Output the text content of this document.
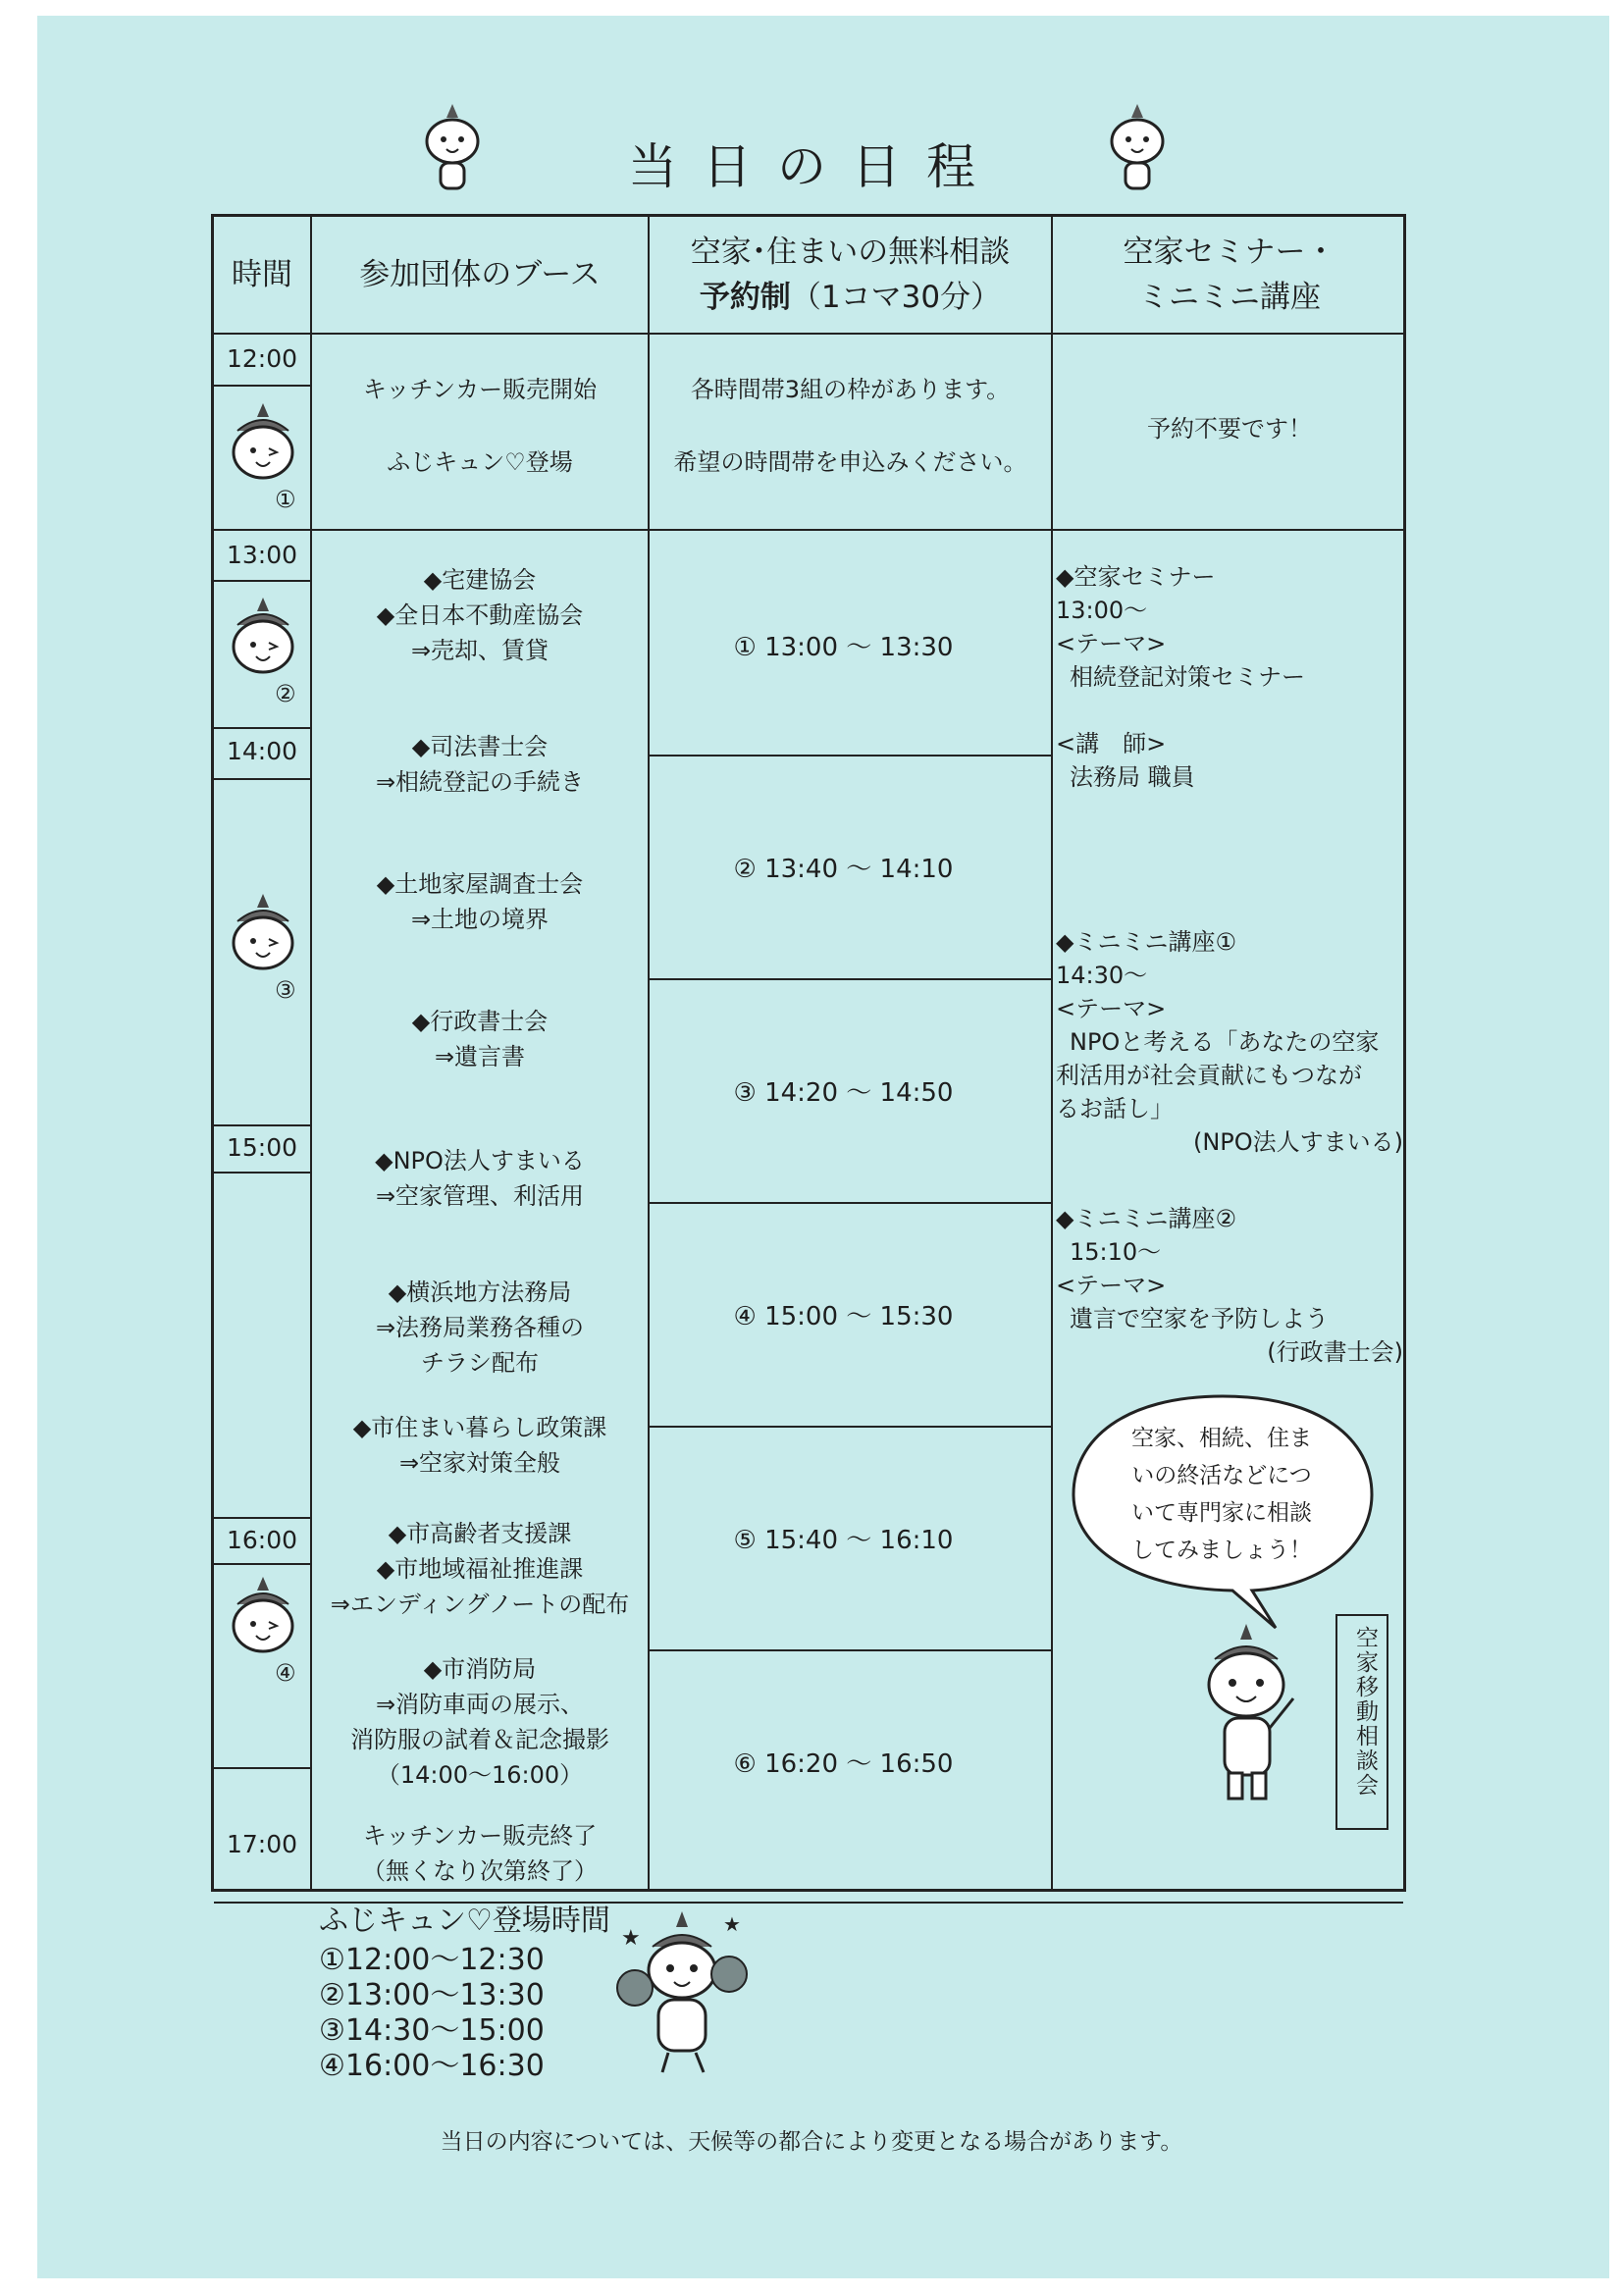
当日の日程
時間	参加団体のブース
空家･住まいの無料相談
予約制（1コマ30分）
空家セミナー・
ミニミニ講座
12:00
13:00
14:00
15:00
16:00
17:00
①
②
③
④
キッチンカー販売開始
ふじキュン♡登場
◆宅建協会
◆全日本不動産協会
⇒売却、賃貸
◆司法書士会
⇒相続登記の手続き
◆土地家屋調査士会
⇒土地の境界
◆行政書士会
⇒遺言書
◆NPO法人すまいる
⇒空家管理、利活用
◆横浜地方法務局
⇒法務局業務各種の
チラシ配布
◆市住まい暮らし政策課
⇒空家対策全般
◆市高齢者支援課
◆市地域福祉推進課
⇒エンディングノートの配布
◆市消防局
⇒消防車両の展示、
消防服の試着＆記念撮影
（14:00～16:00）
キッチンカー販売終了
（無くなり次第終了）
各時間帯3組の枠があります。
希望の時間帯を申込みください。
① 13:00 ～ 13:30
② 13:40 ～ 14:10
③ 14:20 ～ 14:50
④ 15:00 ～ 15:30
⑤ 15:40 ～ 16:10
⑥ 16:20 ～ 16:50
予約不要です！
◆空家セミナー
13:00～
<テーマ>
相続登記対策セミナー
<講　師>
法務局 職員
◆ミニミニ講座①
14:30～
<テーマ>
NPOと考える「あなたの空家
利活用が社会貢献にもつなが
るお話し」
(NPO法人すまいる)
◆ミニミニ講座②
15:10～
<テーマ>
遺言で空家を予防しよう
(行政書士会)
空家、相続、住ま
いの終活などにつ
いて専門家に相談
してみましょう！
空家移動相談会
ふじキュン♡登場時間
①12:00～12:30
②13:00～13:30
③14:30～15:00
④16:00～16:30
★
★
当日の内容については、天候等の都合により変更となる場合があります。
